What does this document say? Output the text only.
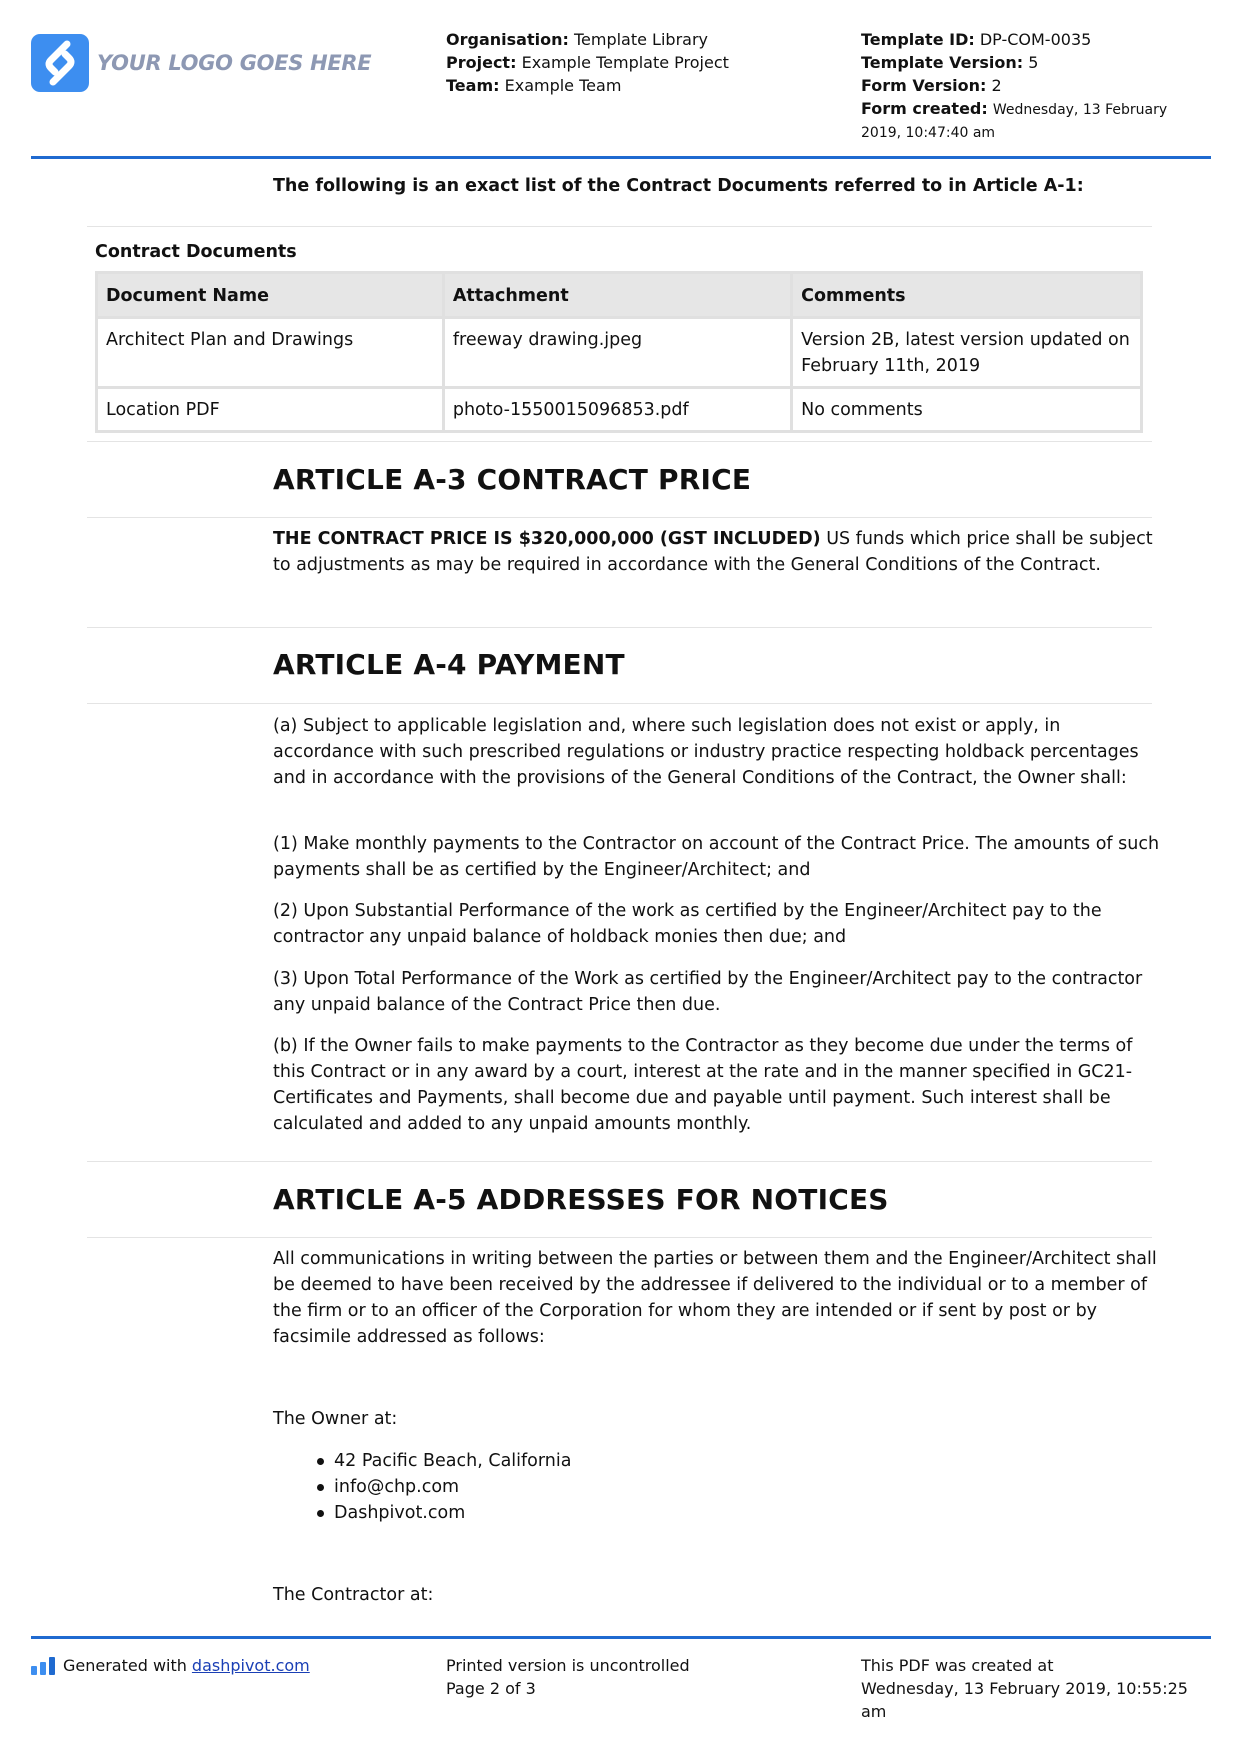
YOUR LOGO GOES HERE
Organisation: Template Library
Project: Example Template Project
Team: Example Team
Template ID: DP-COM-0035
Template Version: 5
Form Version: 2
Form created: Wednesday, 13 February
2019, 10:47:40 am
The following is an exact list of the Contract Documents referred to in Article A-1:
Contract Documents
Document Name	Attachment	Comments
Architect Plan and Drawings	freeway drawing.jpeg	Version 2B, latest version updated on February 11th, 2019
Location PDF	photo-1550015096853.pdf	No comments
ARTICLE A-3 CONTRACT PRICE
THE CONTRACT PRICE IS $320,000,000 (GST INCLUDED) US funds which price shall be subject to adjustments as may be required in accordance with the General Conditions of the Contract.
ARTICLE A-4 PAYMENT
(a) Subject to applicable legislation and, where such legislation does not exist or apply, in accordance with such prescribed regulations or industry practice respecting holdback percentages and in accordance with the provisions of the General Conditions of the Contract, the Owner shall:
(1) Make monthly payments to the Contractor on account of the Contract Price. The amounts of such payments shall be as certified by the Engineer/Architect; and
(2) Upon Substantial Performance of the work as certified by the Engineer/Architect pay to the contractor any unpaid balance of holdback monies then due; and
(3) Upon Total Performance of the Work as certified by the Engineer/Architect pay to the contractor any unpaid balance of the Contract Price then due.
(b) If the Owner fails to make payments to the Contractor as they become due under the terms of this Contract or in any award by a court, interest at the rate and in the manner specified in GC21-Certificates and Payments, shall become due and payable until payment. Such interest shall be calculated and added to any unpaid amounts monthly.
ARTICLE A-5 ADDRESSES FOR NOTICES
All communications in writing between the parties or between them and the Engineer/Architect shall be deemed to have been received by the addressee if delivered to the individual or to a member of the firm or to an officer of the Corporation for whom they are intended or if sent by post or by facsimile addressed as follows:
The Owner at:
42 Pacific Beach, California
info@chp.com
Dashpivot.com
The Contractor at:
Generated with dashpivot.com	Printed version is uncontrolled
Page 2 of 3
This PDF was created at
Wednesday, 13 February 2019, 10:55:25
am
